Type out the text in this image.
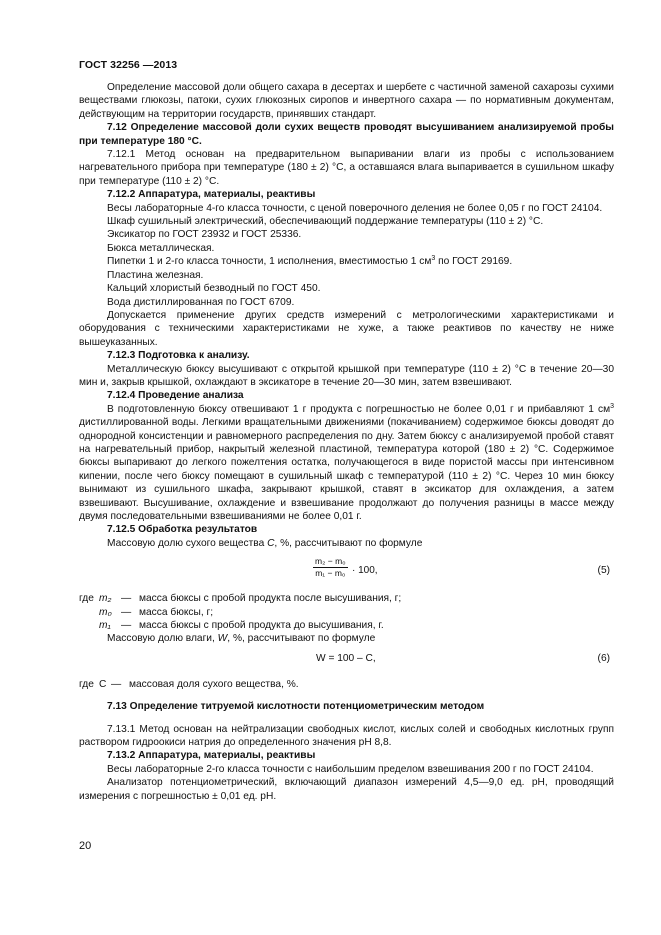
ГОСТ 32256 —2013

Определение массовой доли общего сахара в десертах и шербете с частичной заменой сахарозы сухими веществами глюкозы, патоки, сухих глюкозных сиропов и инвертного сахара — по нормативным документам, действующим на территории государств, принявших стандарт.

7.12 Определение массовой доли сухих веществ проводят высушиванием анализируемой пробы при температуре 180 °С.

7.12.1 Метод основан на предварительном выпаривании влаги из пробы с использованием нагревательного прибора при температуре (180 ± 2) °С, а оставшаяся влага выпаривается в сушильном шкафу при температуре (110 ± 2) °С.

7.12.2 Аппаратура, материалы, реактивы

Весы лабораторные 4-го класса точности, с ценой поверочного деления не более 0,05 г по ГОСТ 24104.

Шкаф сушильный электрический, обеспечивающий поддержание температуры (110 ± 2) °С.

Эксикатор по ГОСТ 23932 и ГОСТ 25336.

Бюкса металлическая.

Пипетки 1 и 2-го класса точности, 1 исполнения, вместимостью 1 $см^3$ по ГОСТ 29169.

Пластина железная.

Кальций хлористый безводный по ГОСТ 450.

Вода дистиллированная по ГОСТ 6709.

Допускается применение других средств измерений с метрологическими характеристиками и оборудования с техническими характеристиками не хуже, а также реактивов по качеству не ниже вышеуказанных.

7.12.3 Подготовка к анализу.

Металлическую бюксу высушивают с открытой крышкой при температуре (110 ± 2) °С в течение 20—30 мин и, закрыв крышкой, охлаждают в эксикаторе в течение 20—30 мин, затем взвешивают.

7.12.4 Проведение анализа

В подготовленную бюксу отвешивают 1 г продукта с погрешностью не более 0,01 г и прибавляют 1 $см^3$ дистиллированной воды. Легкими вращательными движениями (покачиванием) содержимое бюксы доводят до однородной консистенции и равномерного распределения по дну. Затем бюксу с анализируемой пробой ставят на нагревательный прибор, накрытый железной пластиной, температура которой (180 ± 2) °С. Содержимое бюксы выпаривают до легкого пожелтения остатка, получающегося в виде пористой массы при интенсивном кипении, после чего бюксу помещают в сушильный шкаф с температурой (110 ± 2) °С. Через 10 мин бюксу вынимают из сушильного шкафа, закрывают крышкой, ставят в эксикатор для охлаждения, а затем взвешивают. Высушивание, охлаждение и взвешивание продолжают до получения разницы в массе между двумя последовательными взвешиваниями не более 0,01 г.

7.12.5 Обработка результатов

Массовую долю сухого вещества С, %, рассчитывают по формуле

$\frac{\text{m₂ − m₀}}{\text{m₁ − m₀}} \cdot 100$,	(5)
где m₂ — масса бюксы с пробой продукта после высушивания, г;
m₀ — масса бюксы, г;
m₁	— масса бюксы с пробой продукта до высушивания, г.

Массовую долю влаги, W, %, рассчитывают по формуле

W = 100 – C,	(6)
где С — массовая доля сухого вещества, %.

7.13 Определение титруемой кислотности потенциометрическим методом

7.13.1 Метод основан на нейтрализации свободных кислот, кислых солей и свободных кислотных групп раствором гидроокиси натрия до определенного значения рН 8,8.

7.13.2 Аппаратура, материалы, реактивы

Весы лабораторные 2-го класса точности с наибольшим пределом взвешивания 200 г по ГОСТ 24104.

Анализатор потенциометрический, включающий диапазон измерений 4,5—9,0 ед. рН, проводящий измерения с погрешностью ± 0,01 ед. рН.

20
